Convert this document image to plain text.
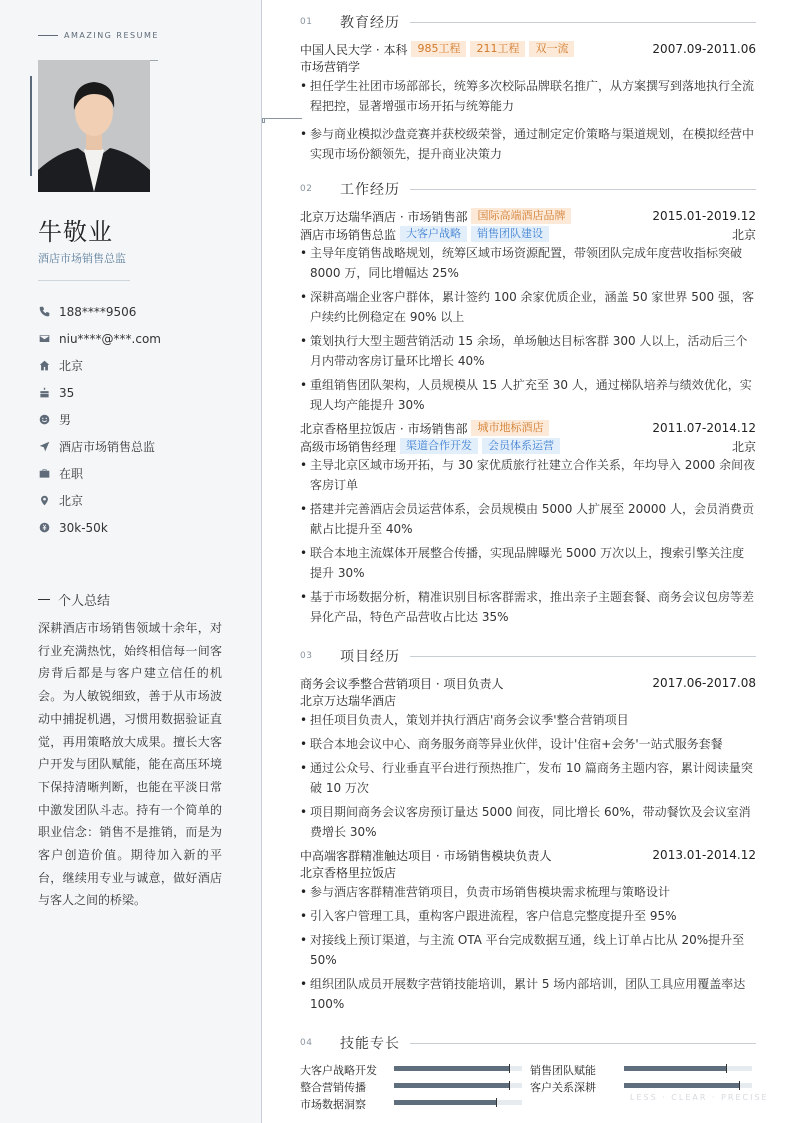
AMAZING RESUME
牛敬业
酒店市场销售总监
188****9506
niu****@***.com
北京
35
男
酒店市场销售总监
在职
北京
30k-50k
个人总结
深耕酒店市场销售领域十余年，对行业充满热忱，始终相信每一间客房背后都是与客户建立信任的机会。为人敏锐细致，善于从市场波动中捕捉机遇，习惯用数据验证直觉，再用策略放大成果。擅长大客户开发与团队赋能，能在高压环境下保持清晰判断，也能在平淡日常中激发团队斗志。持有一个简单的职业信念：销售不是推销，而是为客户创造价值。期待加入新的平台，继续用专业与诚意，做好酒店与客人之间的桥梁。
01	教育经历
中国人民大学 · 本科 985工程	211工程	双一流	2007.09-2011.06
市场营销学
• 担任学生社团市场部部长，统筹多次校际品牌联名推广，从方案撰写到落地执行全流程把控，显著增强市场开拓与统筹能力
• 参与商业模拟沙盘竞赛并获校级荣誉，通过制定定价策略与渠道规划，在模拟经营中实现市场份额领先，提升商业决策力
02	工作经历
北京万达瑞华酒店 · 市场销售部 国际高端酒店品牌	2015.01-2019.12
酒店市场销售总监 大客户战略	销售团队建设	北京
• 主导年度销售战略规划，统筹区域市场资源配置，带领团队完成年度营收指标突破 8000 万，同比增幅达 25%
• 深耕高端企业客户群体，累计签约 100 余家优质企业，涵盖 50 家世界 500 强，客户续约比例稳定在 90% 以上
• 策划执行大型主题营销活动 15 余场，单场触达目标客群 300 人以上，活动后三个月内带动客房订量环比增长 40%
• 重组销售团队架构，人员规模从 15 人扩充至 30 人，通过梯队培养与绩效优化，实现人均产能提升 30%
北京香格里拉饭店 · 市场销售部 城市地标酒店	2011.07-2014.12
高级市场销售经理 渠道合作开发	会员体系运营	北京
• 主导北京区域市场开拓，与 30 家优质旅行社建立合作关系，年均导入 2000 余间夜客房订单
• 搭建并完善酒店会员运营体系，会员规模由 5000 人扩展至 20000 人，会员消费贡献占比提升至 40%
• 联合本地主流媒体开展整合传播，实现品牌曝光 5000 万次以上，搜索引擎关注度提升 30%
• 基于市场数据分析，精准识别目标客群需求，推出亲子主题套餐、商务会议包房等差异化产品，特色产品营收占比达 35%
03	项目经历
商务会议季整合营销项目 · 项目负责人	2017.06-2017.08
北京万达瑞华酒店
• 担任项目负责人，策划并执行酒店'商务会议季'整合营销项目
• 联合本地会议中心、商务服务商等异业伙伴，设计'住宿+会务'一站式服务套餐
• 通过公众号、行业垂直平台进行预热推广，发布 10 篇商务主题内容，累计阅读量突破 10 万次
• 项目期间商务会议客房预订量达 5000 间夜，同比增长 60%，带动餐饮及会议室消费增长 30%
中高端客群精准触达项目 · 市场销售模块负责人	2013.01-2014.12
北京香格里拉饭店
• 参与酒店客群精准营销项目，负责市场销售模块需求梳理与策略设计
• 引入客户管理工具，重构客户跟进流程，客户信息完整度提升至 95%
• 对接线上预订渠道，与主流 OTA 平台完成数据互通，线上订单占比从 20%提升至 50%
• 组织团队成员开展数字营销技能培训，累计 5 场内部培训，团队工具应用覆盖率达 100%
04	技能专长
大客户战略开发	销售团队赋能
整合营销传播	客户关系深耕
市场数据洞察
LESS · CLEAR · PRECISE
